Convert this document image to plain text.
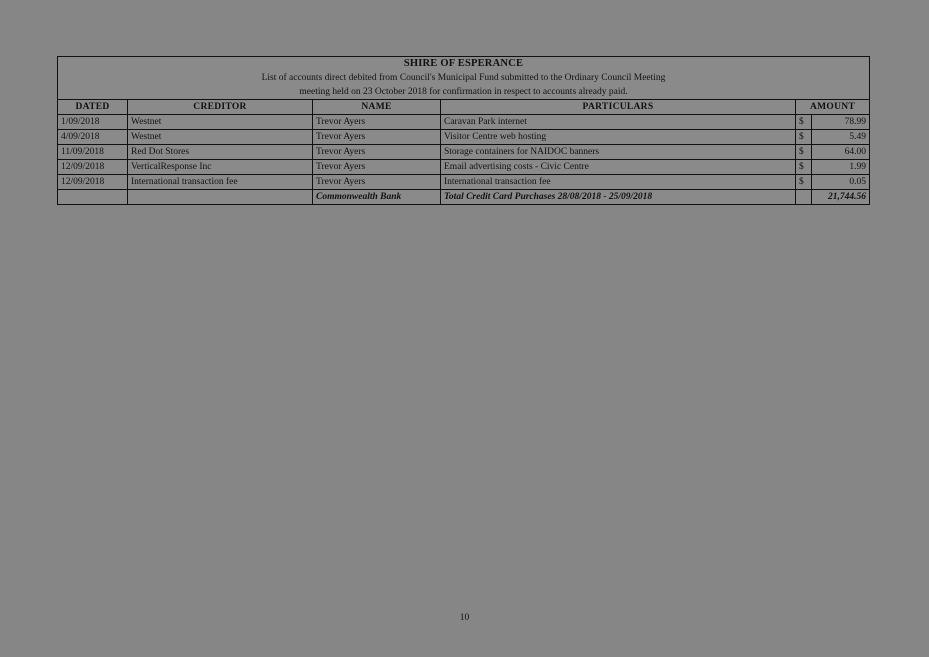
SHIRE OF ESPERANCE
List of accounts direct debited from Council's Municipal Fund submitted to the Ordinary Council Meeting
meeting held on 23 October 2018 for confirmation in respect to accounts already paid.					

DATED	CREDITOR	NAME	PARTICULARS	AMOUNT	
1/09/2018	Westnet	Trevor Ayers	Caravan Park internet	$	78.99
4/09/2018	Westnet	Trevor Ayers	Visitor Centre web hosting	$	5.49
11/09/2018	Red Dot Stores	Trevor Ayers	Storage containers for NAIDOC banners	$	64.00
12/09/2018	VerticalResponse Inc	Trevor Ayers	Email advertising costs - Civic Centre	$	1.99
12/09/2018	International transaction fee	Trevor Ayers	International transaction fee	$	0.05
		Commonwealth Bank	Total Credit Card Purchases 28/08/2018 - 25/09/2018		21,744.56
10
